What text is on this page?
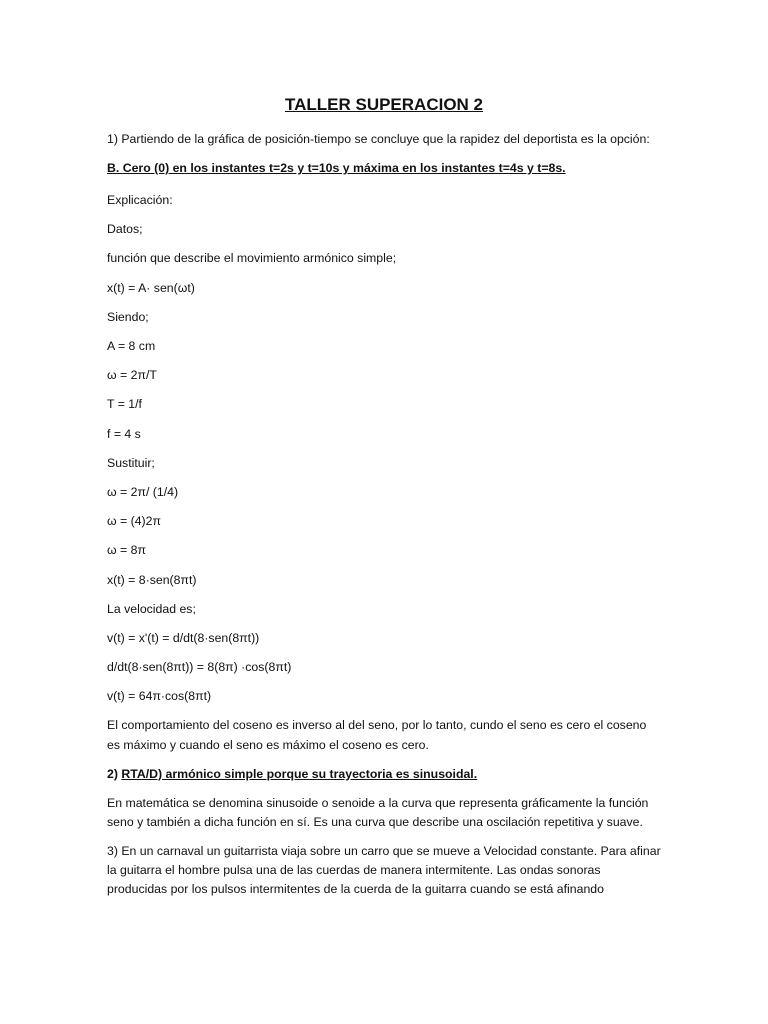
TALLER SUPERACION 2

1) Partiendo de la gráfica de posición-tiempo se concluye que la rapidez del deportista es la opción:

B. Cero (0) en los instantes t=2s y t=10s y máxima en los instantes t=4s y t=8s.

Explicación:

Datos;

función que describe el movimiento armónico simple;

x(t) = A· sen(ωt)

Siendo;

A = 8 cm

ω = 2π/T

T = 1/f

f = 4 s

Sustituir;

ω = 2π/ (1/4)

ω = (4)2π

ω = 8π

x(t) = 8·sen(8πt)

La velocidad es;

v(t) = x'(t) = d/dt(8·sen(8πt))

d/dt(8·sen(8πt)) = 8(8π) ·cos(8πt)

v(t) = 64π·cos(8πt)

El comportamiento del coseno es inverso al del seno, por lo tanto, cundo el seno es cero el coseno es máximo y cuando el seno es máximo el coseno es cero.

2) RTA/D) armónico simple porque su trayectoria es sinusoidal.

En matemática se denomina sinusoide o senoide a la curva que representa gráficamente la función seno y también a dicha función en sí. Es una curva que describe una oscilación repetitiva y suave.

3) En un carnaval un guitarrista viaja sobre un carro que se mueve a Velocidad constante. Para afinar la guitarra el hombre pulsa una de las cuerdas de manera intermitente. Las ondas sonoras producidas por los pulsos intermitentes de la cuerda de la guitarra cuando se está afinando
